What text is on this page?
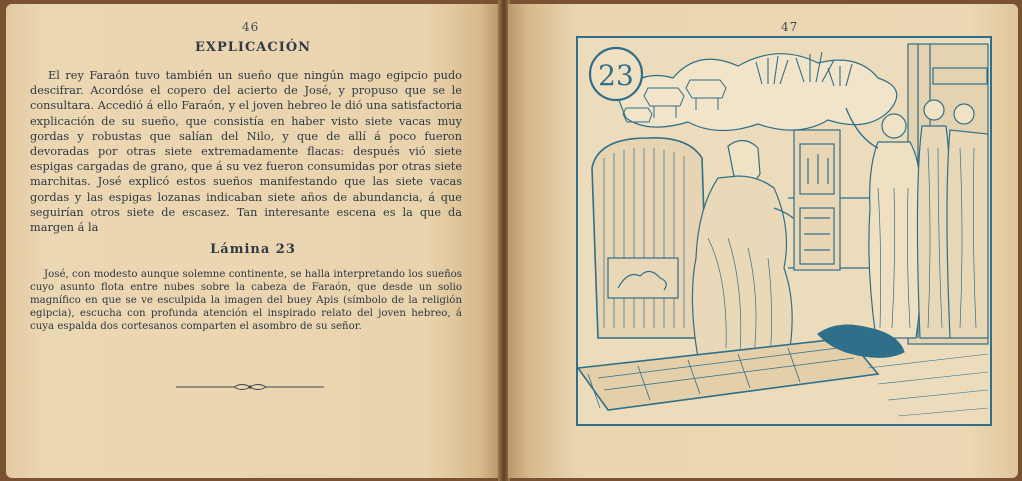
46
EXPLICACIÓN
El rey Faraón tuvo también un sueño que ningún mago egipcio pudo descifrar. Acordóse el copero del acierto de José, y propuso que se le consultara. Accedió á ello Faraón, y el joven hebreo le dió una satisfactoria explicación de su sueño, que consistía en haber visto siete vacas muy gordas y robustas que salían del Nilo, y que de allí á poco fueron devoradas por otras siete extremadamente flacas: después vió siete espigas cargadas de grano, que á su vez fueron consumidas por otras siete marchitas. José explicó estos sueños manifestando que las siete vacas gordas y las espigas lozanas indicaban siete años de abundancia, á que seguirían otros siete de escasez. Tan interesante escena es la que da margen á la
Lámina 23
José, con modesto aunque solemne continente, se halla interpretando los sueños cuyo asunto flota entre nubes sobre la cabeza de Faraón, que desde un solio magnífico en que se ve esculpida la imagen del buey Apis (símbolo de la religión egipcia), escucha con profunda atención el inspirado relato del joven hebreo, á cuya espalda dos cortesanos comparten el asombro de su señor.
47
23
